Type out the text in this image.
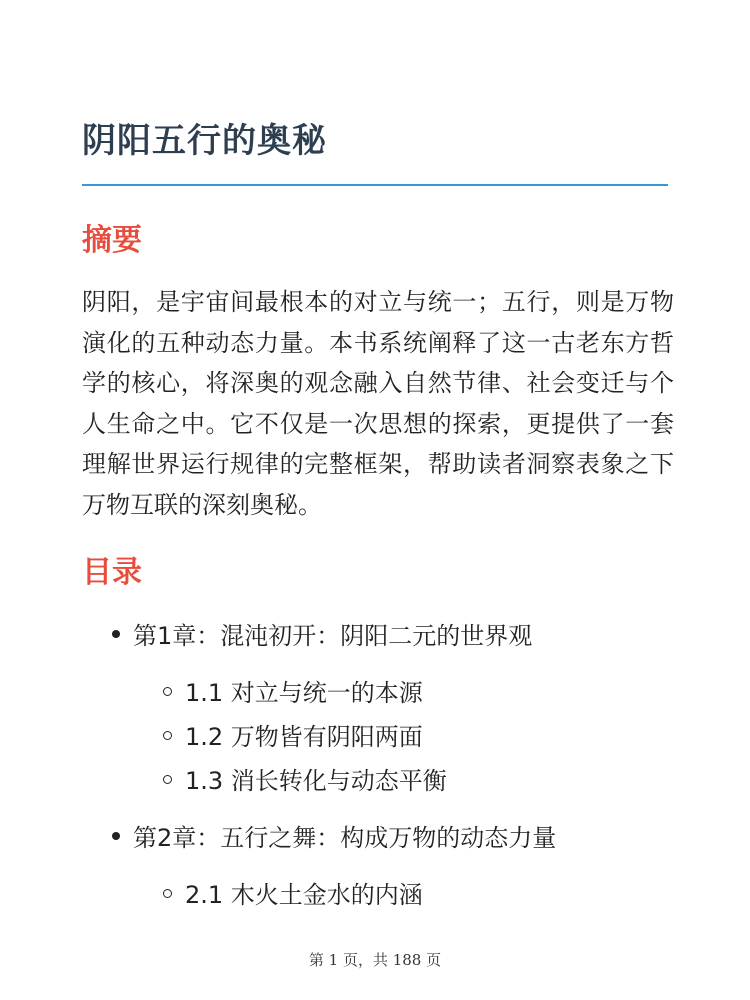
阴阳五行的奥秘
摘要

阴阳，是宇宙间最根本的对立与统一；五行，则是万物演化的五种动态力量。本书系统阐释了这一古老东方哲学的核心，将深奥的观念融入自然节律、社会变迁与个人生命之中。它不仅是一次思想的探索，更提供了一套理解世界运行规律的完整框架，帮助读者洞察表象之下万物互联的深刻奥秘。

目录
第1章：混沌初开：阴阳二元的世界观
1.1 对立与统一的本源
1.2 万物皆有阴阳两面
1.3 消长转化与动态平衡
第2章：五行之舞：构成万物的动态力量
2.1 木火土金水的内涵
第 1 页，共 188 页
